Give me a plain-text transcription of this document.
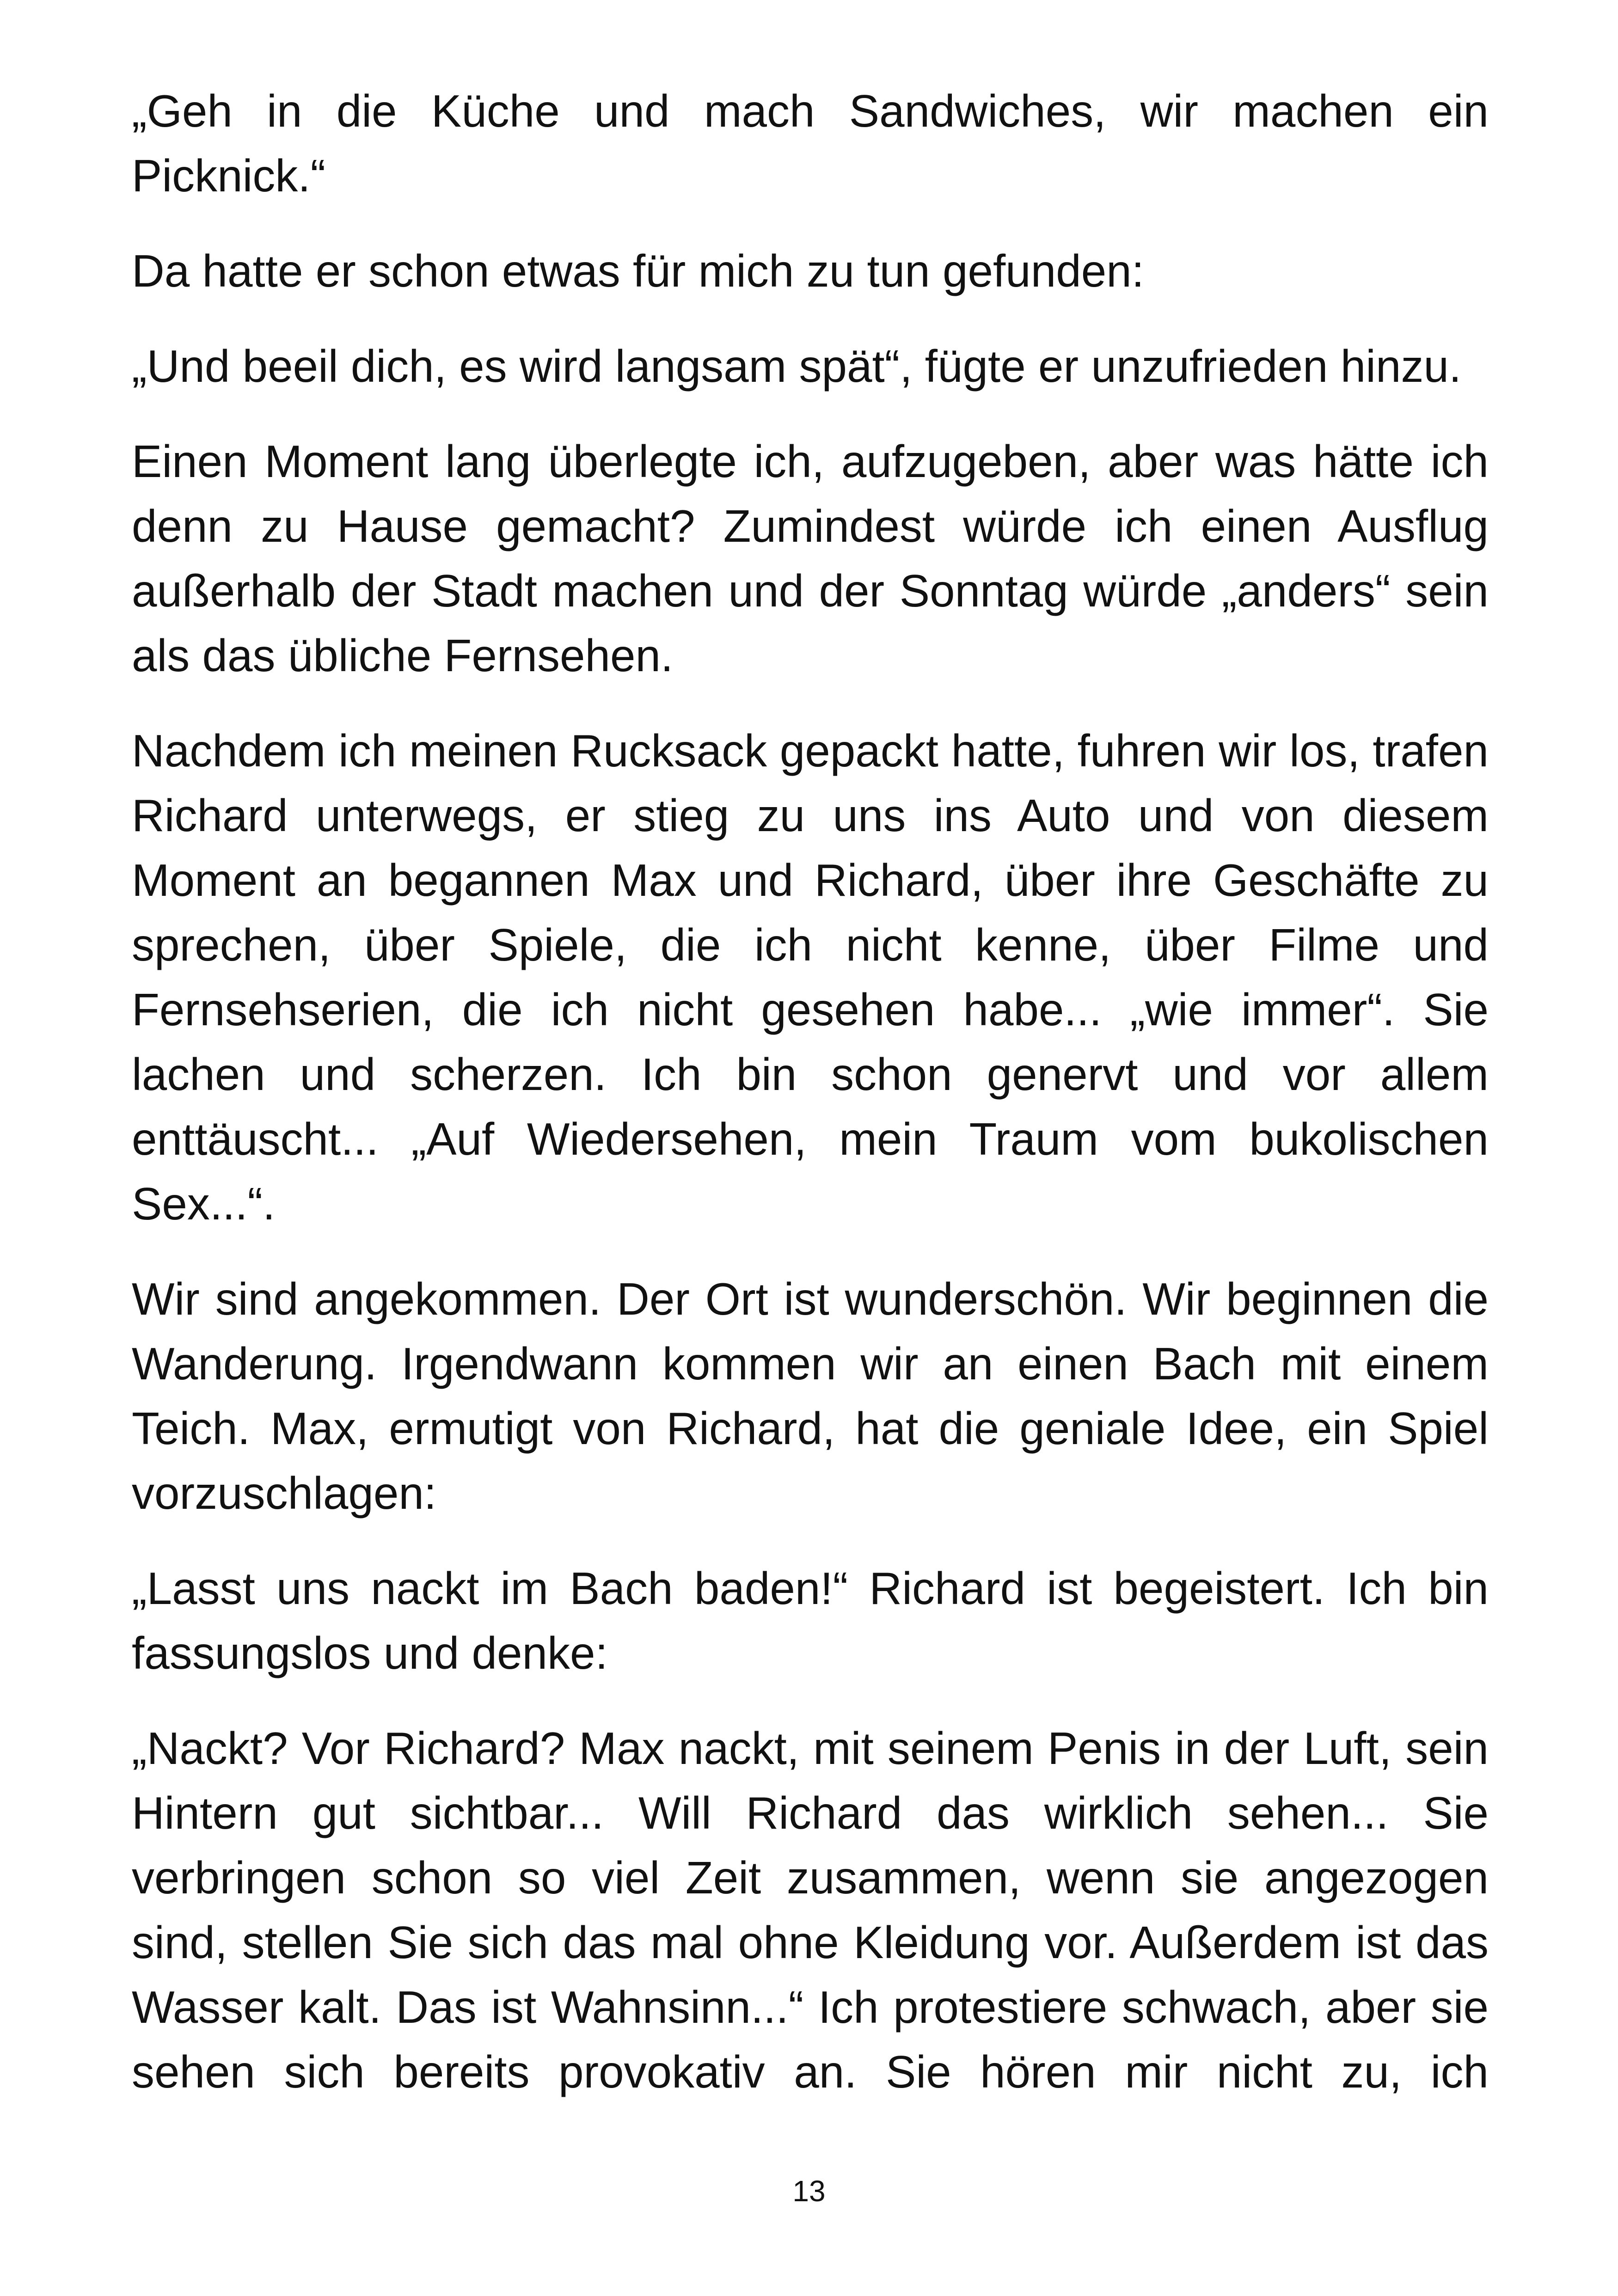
„Geh in die Küche und mach Sandwiches, wir machen ein Picknick.“

Da hatte er schon etwas für mich zu tun gefunden:

„Und beeil dich, es wird langsam spät“, fügte er unzufrieden hinzu.

Einen Moment lang überlegte ich, aufzugeben, aber was hätte ich denn zu Hause gemacht? Zumindest würde ich einen Ausflug außerhalb der Stadt machen und der Sonntag würde „anders“ sein als das übliche Fernsehen.

Nachdem ich meinen Rucksack gepackt hatte, fuhren wir los, trafen Richard unterwegs, er stieg zu uns ins Auto und von diesem Moment an begannen Max und Richard, über ihre Geschäfte zu sprechen, über Spiele, die ich nicht kenne, über Filme und Fernsehserien, die ich nicht gesehen habe... „wie immer“. Sie lachen und scherzen. Ich bin schon genervt und vor allem enttäuscht... „Auf Wiedersehen, mein Traum vom bukolischen Sex...“.

Wir sind angekommen. Der Ort ist wunderschön. Wir beginnen die Wanderung. Irgendwann kommen wir an einen Bach mit einem Teich. Max, ermutigt von Richard, hat die geniale Idee, ein Spiel vorzuschlagen:

„Lasst uns nackt im Bach baden!“ Richard ist begeistert. Ich bin fassungslos und denke:

„Nackt? Vor Richard? Max nackt, mit seinem Penis in der Luft, sein Hintern gut sichtbar... Will Richard das wirklich sehen... Sie verbringen schon so viel Zeit zusammen, wenn sie angezogen sind, stellen Sie sich das mal ohne Kleidung vor. Außerdem ist das Wasser kalt. Das ist Wahnsinn...“ Ich protestiere schwach, aber sie sehen sich bereits provokativ an. Sie hören mir nicht zu, ich

13
